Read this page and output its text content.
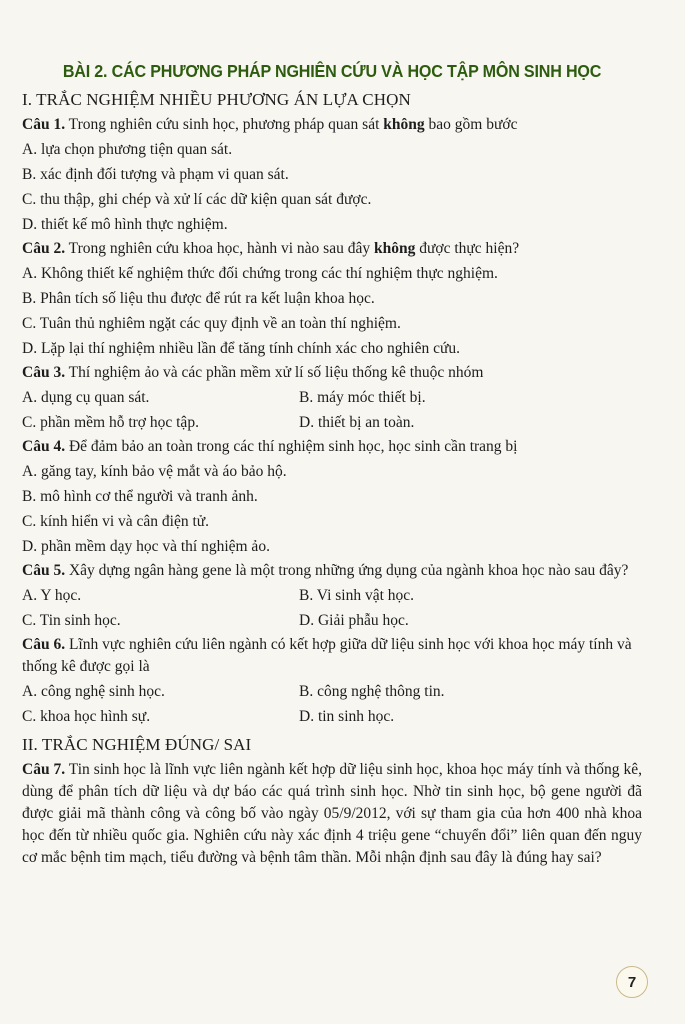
BÀI 2. CÁC PHƯƠNG PHÁP NGHIÊN CỨU VÀ HỌC TẬP MÔN SINH HỌC
I. TRẮC NGHIỆM NHIỀU PHƯƠNG ÁN LỰA CHỌN
Câu 1. Trong nghiên cứu sinh học, phương pháp quan sát không bao gồm bước
A. lựa chọn phương tiện quan sát.
B. xác định đối tượng và phạm vi quan sát.
C. thu thập, ghi chép và xử lí các dữ kiện quan sát được.
D. thiết kế mô hình thực nghiệm.
Câu 2. Trong nghiên cứu khoa học, hành vi nào sau đây không được thực hiện?
A. Không thiết kế nghiệm thức đối chứng trong các thí nghiệm thực nghiệm.
B. Phân tích số liệu thu được để rút ra kết luận khoa học.
C. Tuân thủ nghiêm ngặt các quy định về an toàn thí nghiệm.
D. Lặp lại thí nghiệm nhiều lần để tăng tính chính xác cho nghiên cứu.
Câu 3. Thí nghiệm ảo và các phần mềm xử lí số liệu thống kê thuộc nhóm
A. dụng cụ quan sát.	B. máy móc thiết bị.
C. phần mềm hỗ trợ học tập.	D. thiết bị an toàn.
Câu 4. Để đảm bảo an toàn trong các thí nghiệm sinh học, học sinh cần trang bị
A. găng tay, kính bảo vệ mắt và áo bảo hộ.
B. mô hình cơ thể người và tranh ảnh.
C. kính hiển vi và cân điện tử.
D. phần mềm dạy học và thí nghiệm ảo.
Câu 5. Xây dựng ngân hàng gene là một trong những ứng dụng của ngành khoa học nào sau đây?
A. Y học.	B. Vi sinh vật học.
C. Tin sinh học.	D. Giải phẫu học.
Câu 6. Lĩnh vực nghiên cứu liên ngành có kết hợp giữa dữ liệu sinh học với khoa học máy tính và thống kê được gọi là
A. công nghệ sinh học.	B. công nghệ thông tin.
C. khoa học hình sự.	D. tin sinh học.
II. TRẮC NGHIỆM ĐÚNG/ SAI
Câu 7. Tin sinh học là lĩnh vực liên ngành kết hợp dữ liệu sinh học, khoa học máy tính và thống kê, dùng để phân tích dữ liệu và dự báo các quá trình sinh học. Nhờ tin sinh học, bộ gene người đã được giải mã thành công và công bố vào ngày 05/9/2012, với sự tham gia của hơn 400 nhà khoa học đến từ nhiều quốc gia. Nghiên cứu này xác định 4 triệu gene “chuyển đổi” liên quan đến nguy cơ mắc bệnh tim mạch, tiểu đường và bệnh tâm thần. Mỗi nhận định sau đây là đúng hay sai?
7
